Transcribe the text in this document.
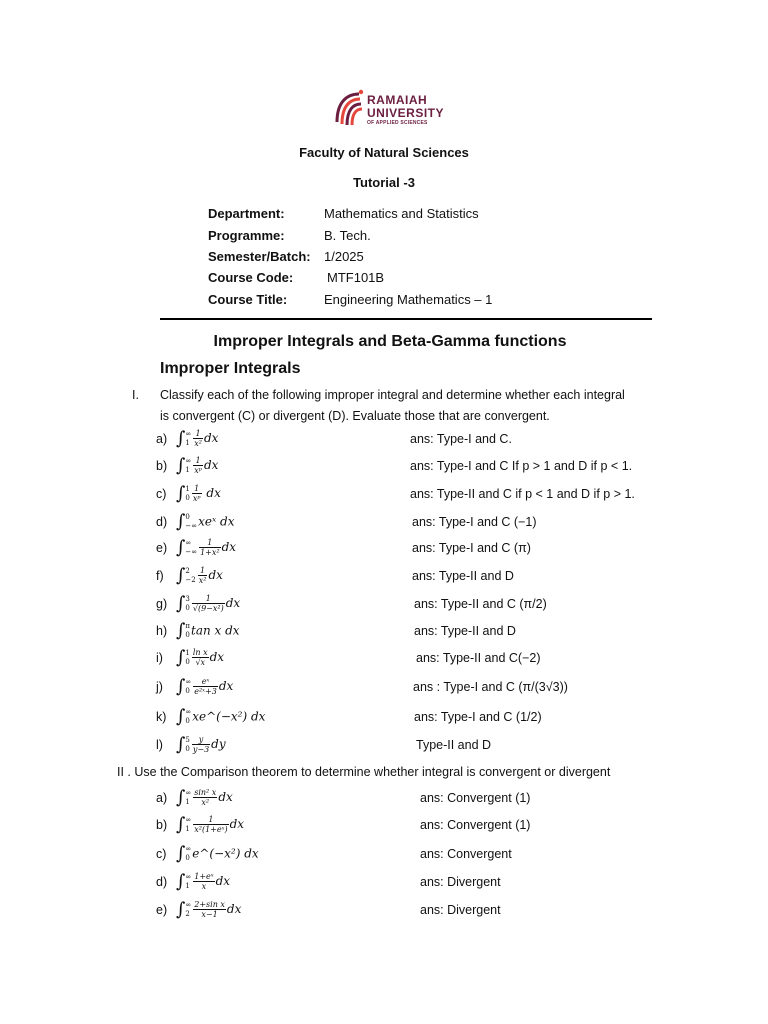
RAMAIAH
UNIVERSITY
OF APPLIED SCIENCES
Faculty of Natural Sciences
Tutorial -3
Department:	Mathematics and Statistics
Programme:	B. Tech.
Semester/Batch: 1/2025
Course Code:	MTF101B
Course Title:	Engineering Mathematics – 1
Improper Integrals and Beta-Gamma functions
Improper Integrals
I. Classify each of the following improper integral and determine whether each integral
is convergent (C) or divergent (D). Evaluate those that are convergent.
a) ∫ ∞
$1 \frac{1}{\text{x²}}$ dx	ans: Type-I and C.
b) ∫ ∞
$1 \frac{1}{\text{xᵖ}}$ dx	ans: Type-I and C If p > 1 and D if p < 1.
c) ∫ 1
$0 \frac{1}{\text{xᵖ}}$ dx	ans: Type-II and C if p < 1 and D if p > 1.
d) ∫ 0
−∞ xeˣ dx	ans: Type-I and C (−1)
e) ∫ ∞
−∞ $\frac{1}{\text{1+x²}}$ dx	ans: Type-I and C (π)
f) ∫ 2
$-2 \frac{1}{\text{x²}}$ dx	ans: Type-II and D
g) ∫ 3
$0 \frac{1}{\text{√(9−x²)}}$ dx	ans: Type-II and C (π/2)
h) ∫ π
0 tan x dx	ans: Type-II and D
i) ∫ 1
$0 \frac{\text{ln x}}{√x}$ dx	ans: Type-II and C(−2)
j) ∫ ∞
$0 \frac{\text{eˣ}}{\text{e²ˣ+3}}$ dx	ans : Type-I and C (π/(3√3))
k) ∫ ∞
0 xe^(−x²) dx	ans: Type-I and C (1/2)
l) ∫ 5
$0 \frac{y}{y-3}$ dy	Type-II and D
II . Use the Comparison theorem to determine whether integral is convergent or divergent
a) ∫ ∞
$1 \frac{\text{sin² x}}{\text{x²}}$ dx	ans: Convergent (1)
b) ∫ ∞
$1 \frac{1}{\text{x²(1+eˣ)}}$ dx	ans: Convergent (1)
c) ∫ ∞
0 e^(−x²) dx	ans: Convergent
d) ∫ ∞
$1 \frac{\text{1+eˣ}}{x}$ dx	ans: Divergent
e) ∫ ∞
$2 \frac{\text{2+sin x}}{x-1}$ dx	ans: Divergent
